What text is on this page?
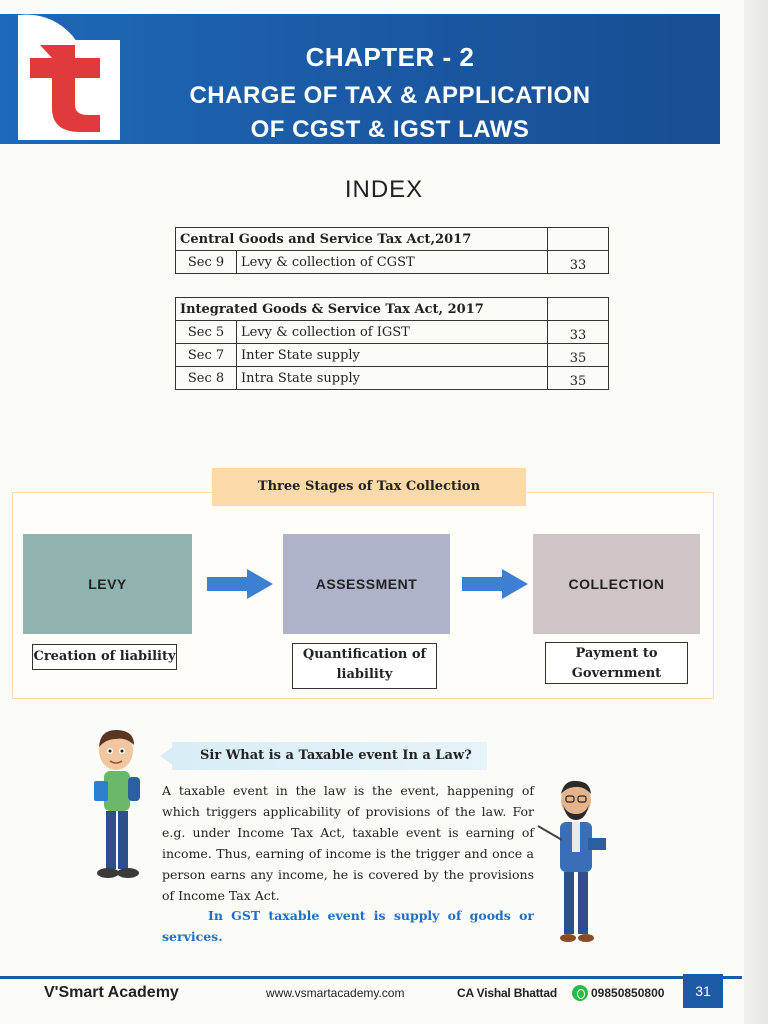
CHAPTER - 2
CHARGE OF TAX & APPLICATION
OF CGST & IGST LAWS
INDEX
Central Goods and Service Tax Act,2017		
Sec 9	Levy & collection of CGST	33
Integrated Goods & Service Tax Act, 2017		
Sec 5	Levy & collection of IGST	33
Sec 7	Inter State supply	35
Sec 8	Intra State supply	35
Three Stages of Tax Collection
LEVY	ASSESSMENT	COLLECTION
Creation of liability	Quantification of
liability
Payment to
Government
Sir What is a Taxable event In a Law?
A taxable event in the law is the event, happening of which triggers applicability of provisions of the law. For e.g. under Income Tax Act, taxable event is earning of income. Thus, earning of income is the trigger and once a person earns any income, he is covered by the provisions of Income Tax Act.
In GST taxable event is supply of goods or services.
V'Smart Academy	www.vsmartacademy.com	CA Vishal Bhattad	09850850800	31
